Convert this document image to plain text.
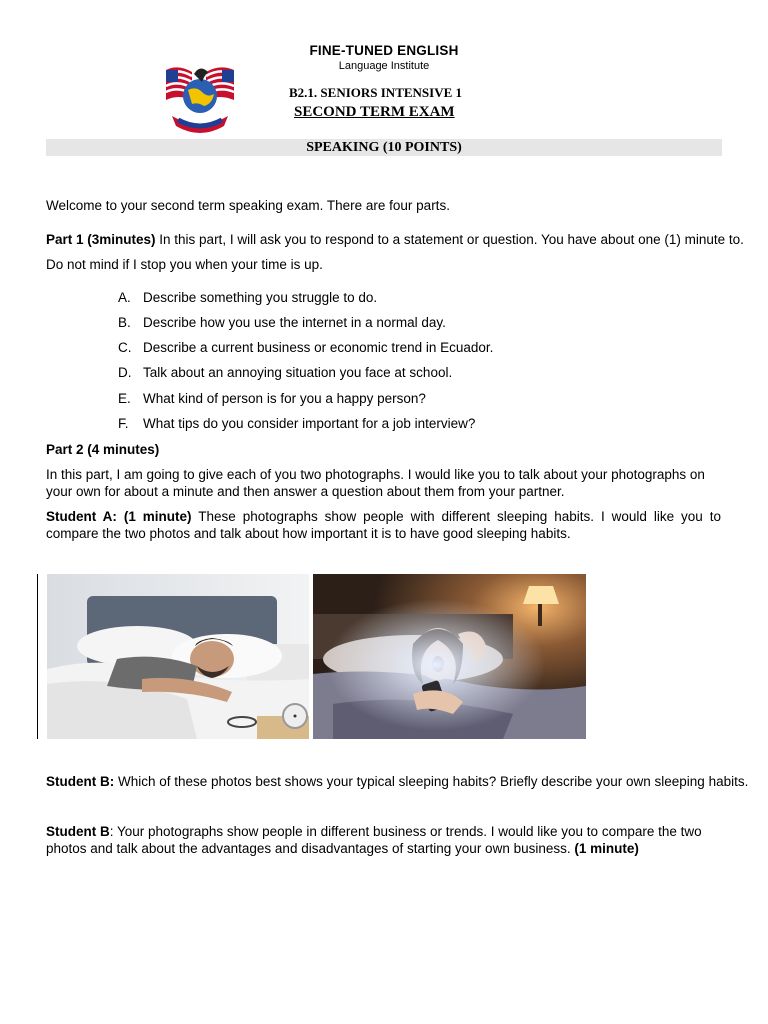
FINE-TUNED ENGLISH
Language Institute
B2.1. SENIORS INTENSIVE 1
SECOND TERM EXAM
SPEAKING (10 POINTS)
Welcome to your second term speaking exam. There are four parts.
Part 1 (3minutes) In this part, I will ask you to respond to a statement or question. You have about one (1) minute to.
Do not mind if I stop you when your time is up.
A. Describe something you struggle to do.
B. Describe how you use the internet in a normal day.
C. Describe a current business or economic trend in Ecuador.
D. Talk about an annoying situation you face at school.
E. What kind of person is for you a happy person?
F. What tips do you consider important for a job interview?
Part 2 (4 minutes)
In this part, I am going to give each of you two photographs. I would like you to talk about your photographs on your own for about a minute and then answer a question about them from your partner.
Student A: (1 minute) These photographs show people with different sleeping habits. I would like you to compare the two photos and talk about how important it is to have good sleeping habits.
Student B: Which of these photos best shows your typical sleeping habits? Briefly describe your own sleeping habits.
Student B: Your photographs show people in different business or trends. I would like you to compare the two photos and talk about the advantages and disadvantages of starting your own business. (1 minute)
